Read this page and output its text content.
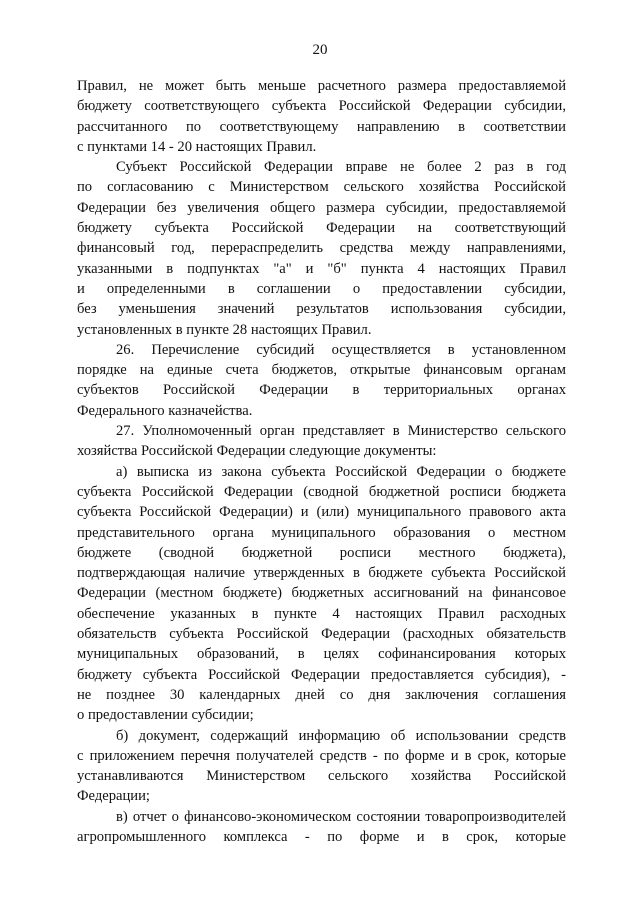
20
Правил, не может быть меньше расчетного размера предоставляемой
бюджету соответствующего субъекта Российской Федерации субсидии,
рассчитанного по соответствующему направлению в соответствии
с пунктами 14 - 20 настоящих Правил.
Субъект Российской Федерации вправе не более 2 раз в год
по согласованию с Министерством сельского хозяйства Российской
Федерации без увеличения общего размера субсидии, предоставляемой
бюджету субъекта Российской Федерации на соответствующий
финансовый год, перераспределить средства между направлениями,
указанными в подпунктах "а" и "б" пункта 4 настоящих Правил
и определенными в соглашении о предоставлении субсидии,
без уменьшения значений результатов использования субсидии,
установленных в пункте 28 настоящих Правил.
26. Перечисление субсидий осуществляется в установленном
порядке на единые счета бюджетов, открытые финансовым органам
субъектов Российской Федерации в территориальных органах
Федерального казначейства.
27. Уполномоченный орган представляет в Министерство сельского
хозяйства Российской Федерации следующие документы:
а) выписка из закона субъекта Российской Федерации о бюджете
субъекта Российской Федерации (сводной бюджетной росписи бюджета
субъекта Российской Федерации) и (или) муниципального правового акта
представительного органа муниципального образования о местном
бюджете (сводной бюджетной росписи местного бюджета),
подтверждающая наличие утвержденных в бюджете субъекта Российской
Федерации (местном бюджете) бюджетных ассигнований на финансовое
обеспечение указанных в пункте 4 настоящих Правил расходных
обязательств субъекта Российской Федерации (расходных обязательств
муниципальных образований, в целях софинансирования которых
бюджету субъекта Российской Федерации предоставляется субсидия), -
не позднее 30 календарных дней со дня заключения соглашения
о предоставлении субсидии;
б) документ, содержащий информацию об использовании средств
с приложением перечня получателей средств - по форме и в срок, которые
устанавливаются Министерством сельского хозяйства Российской
Федерации;
в) отчет о финансово-экономическом состоянии товаропроизводителей
агропромышленного комплекса - по форме и в срок, которые
